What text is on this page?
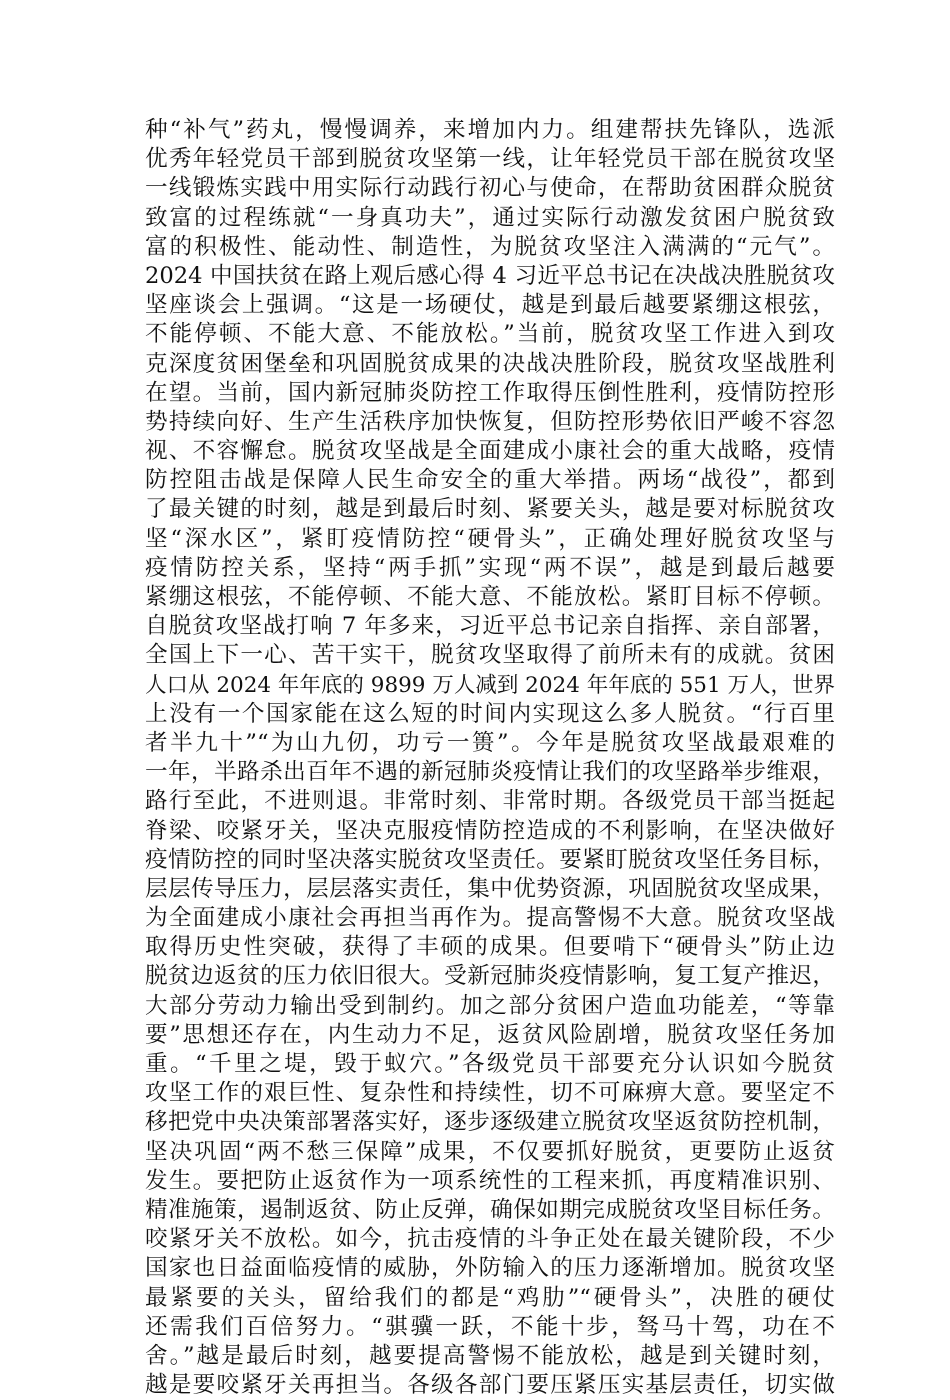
种“补气”药丸，慢慢调养，来增加内力。组建帮扶先锋队，选派
优秀年轻党员干部到脱贫攻坚第一线，让年轻党员干部在脱贫攻坚
一线锻炼实践中用实际行动践行初心与使命，在帮助贫困群众脱贫
致富的过程练就“一身真功夫”，通过实际行动激发贫困户脱贫致
富的积极性、能动性、制造性，为脱贫攻坚注入满满的“元气”。
2024 中国扶贫在路上观后感心得 4 习近平总书记在决战决胜脱贫攻
坚座谈会上强调。“这是一场硬仗，越是到最后越要紧绷这根弦，
不能停顿、不能大意、不能放松。”当前，脱贫攻坚工作进入到攻
克深度贫困堡垒和巩固脱贫成果的决战决胜阶段，脱贫攻坚战胜利
在望。当前，国内新冠肺炎防控工作取得压倒性胜利，疫情防控形
势持续向好、生产生活秩序加快恢复，但防控形势依旧严峻不容忽
视、不容懈怠。脱贫攻坚战是全面建成小康社会的重大战略，疫情
防控阻击战是保障人民生命安全的重大举措。两场“战役”，都到
了最关键的时刻，越是到最后时刻、紧要关头，越是要对标脱贫攻
坚“深水区”，紧盯疫情防控“硬骨头”，正确处理好脱贫攻坚与
疫情防控关系，坚持“两手抓”实现“两不误”，越是到最后越要
紧绷这根弦，不能停顿、不能大意、不能放松。紧盯目标不停顿。
自脱贫攻坚战打响 7 年多来，习近平总书记亲自指挥、亲自部署，
全国上下一心、苦干实干，脱贫攻坚取得了前所未有的成就。贫困
人口从 2024 年年底的 9899 万人减到 2024 年年底的 551 万人，世界
上没有一个国家能在这么短的时间内实现这么多人脱贫。“行百里
者半九十”“为山九仞，功亏一篑”。今年是脱贫攻坚战最艰难的
一年，半路杀出百年不遇的新冠肺炎疫情让我们的攻坚路举步维艰，
路行至此，不进则退。非常时刻、非常时期。各级党员干部当挺起
脊梁、咬紧牙关，坚决克服疫情防控造成的不利影响，在坚决做好
疫情防控的同时坚决落实脱贫攻坚责任。要紧盯脱贫攻坚任务目标，
层层传导压力，层层落实责任，集中优势资源，巩固脱贫攻坚成果，
为全面建成小康社会再担当再作为。提高警惕不大意。脱贫攻坚战
取得历史性突破，获得了丰硕的成果。但要啃下“硬骨头”防止边
脱贫边返贫的压力依旧很大。受新冠肺炎疫情影响，复工复产推迟，
大部分劳动力输出受到制约。加之部分贫困户造血功能差，“等靠
要”思想还存在，内生动力不足，返贫风险剧增，脱贫攻坚任务加
重。“千里之堤，毁于蚁穴。”各级党员干部要充分认识如今脱贫
攻坚工作的艰巨性、复杂性和持续性，切不可麻痹大意。要坚定不
移把党中央决策部署落实好，逐步逐级建立脱贫攻坚返贫防控机制，
坚决巩固“两不愁三保障”成果，不仅要抓好脱贫，更要防止返贫
发生。要把防止返贫作为一项系统性的工程来抓，再度精准识别、
精准施策，遏制返贫、防止反弹，确保如期完成脱贫攻坚目标任务。
咬紧牙关不放松。如今，抗击疫情的斗争正处在最关键阶段，不少
国家也日益面临疫情的威胁，外防输入的压力逐渐增加。脱贫攻坚
最紧要的关头，留给我们的都是“鸡肋”“硬骨头”，决胜的硬仗
还需我们百倍努力。“骐骥一跃，不能十步，驽马十驾，功在不
舍。”越是最后时刻，越要提高警惕不能放松，越是到关键时刻，
越是要咬紧牙关再担当。各级各部门要压紧压实基层责任，切实做
